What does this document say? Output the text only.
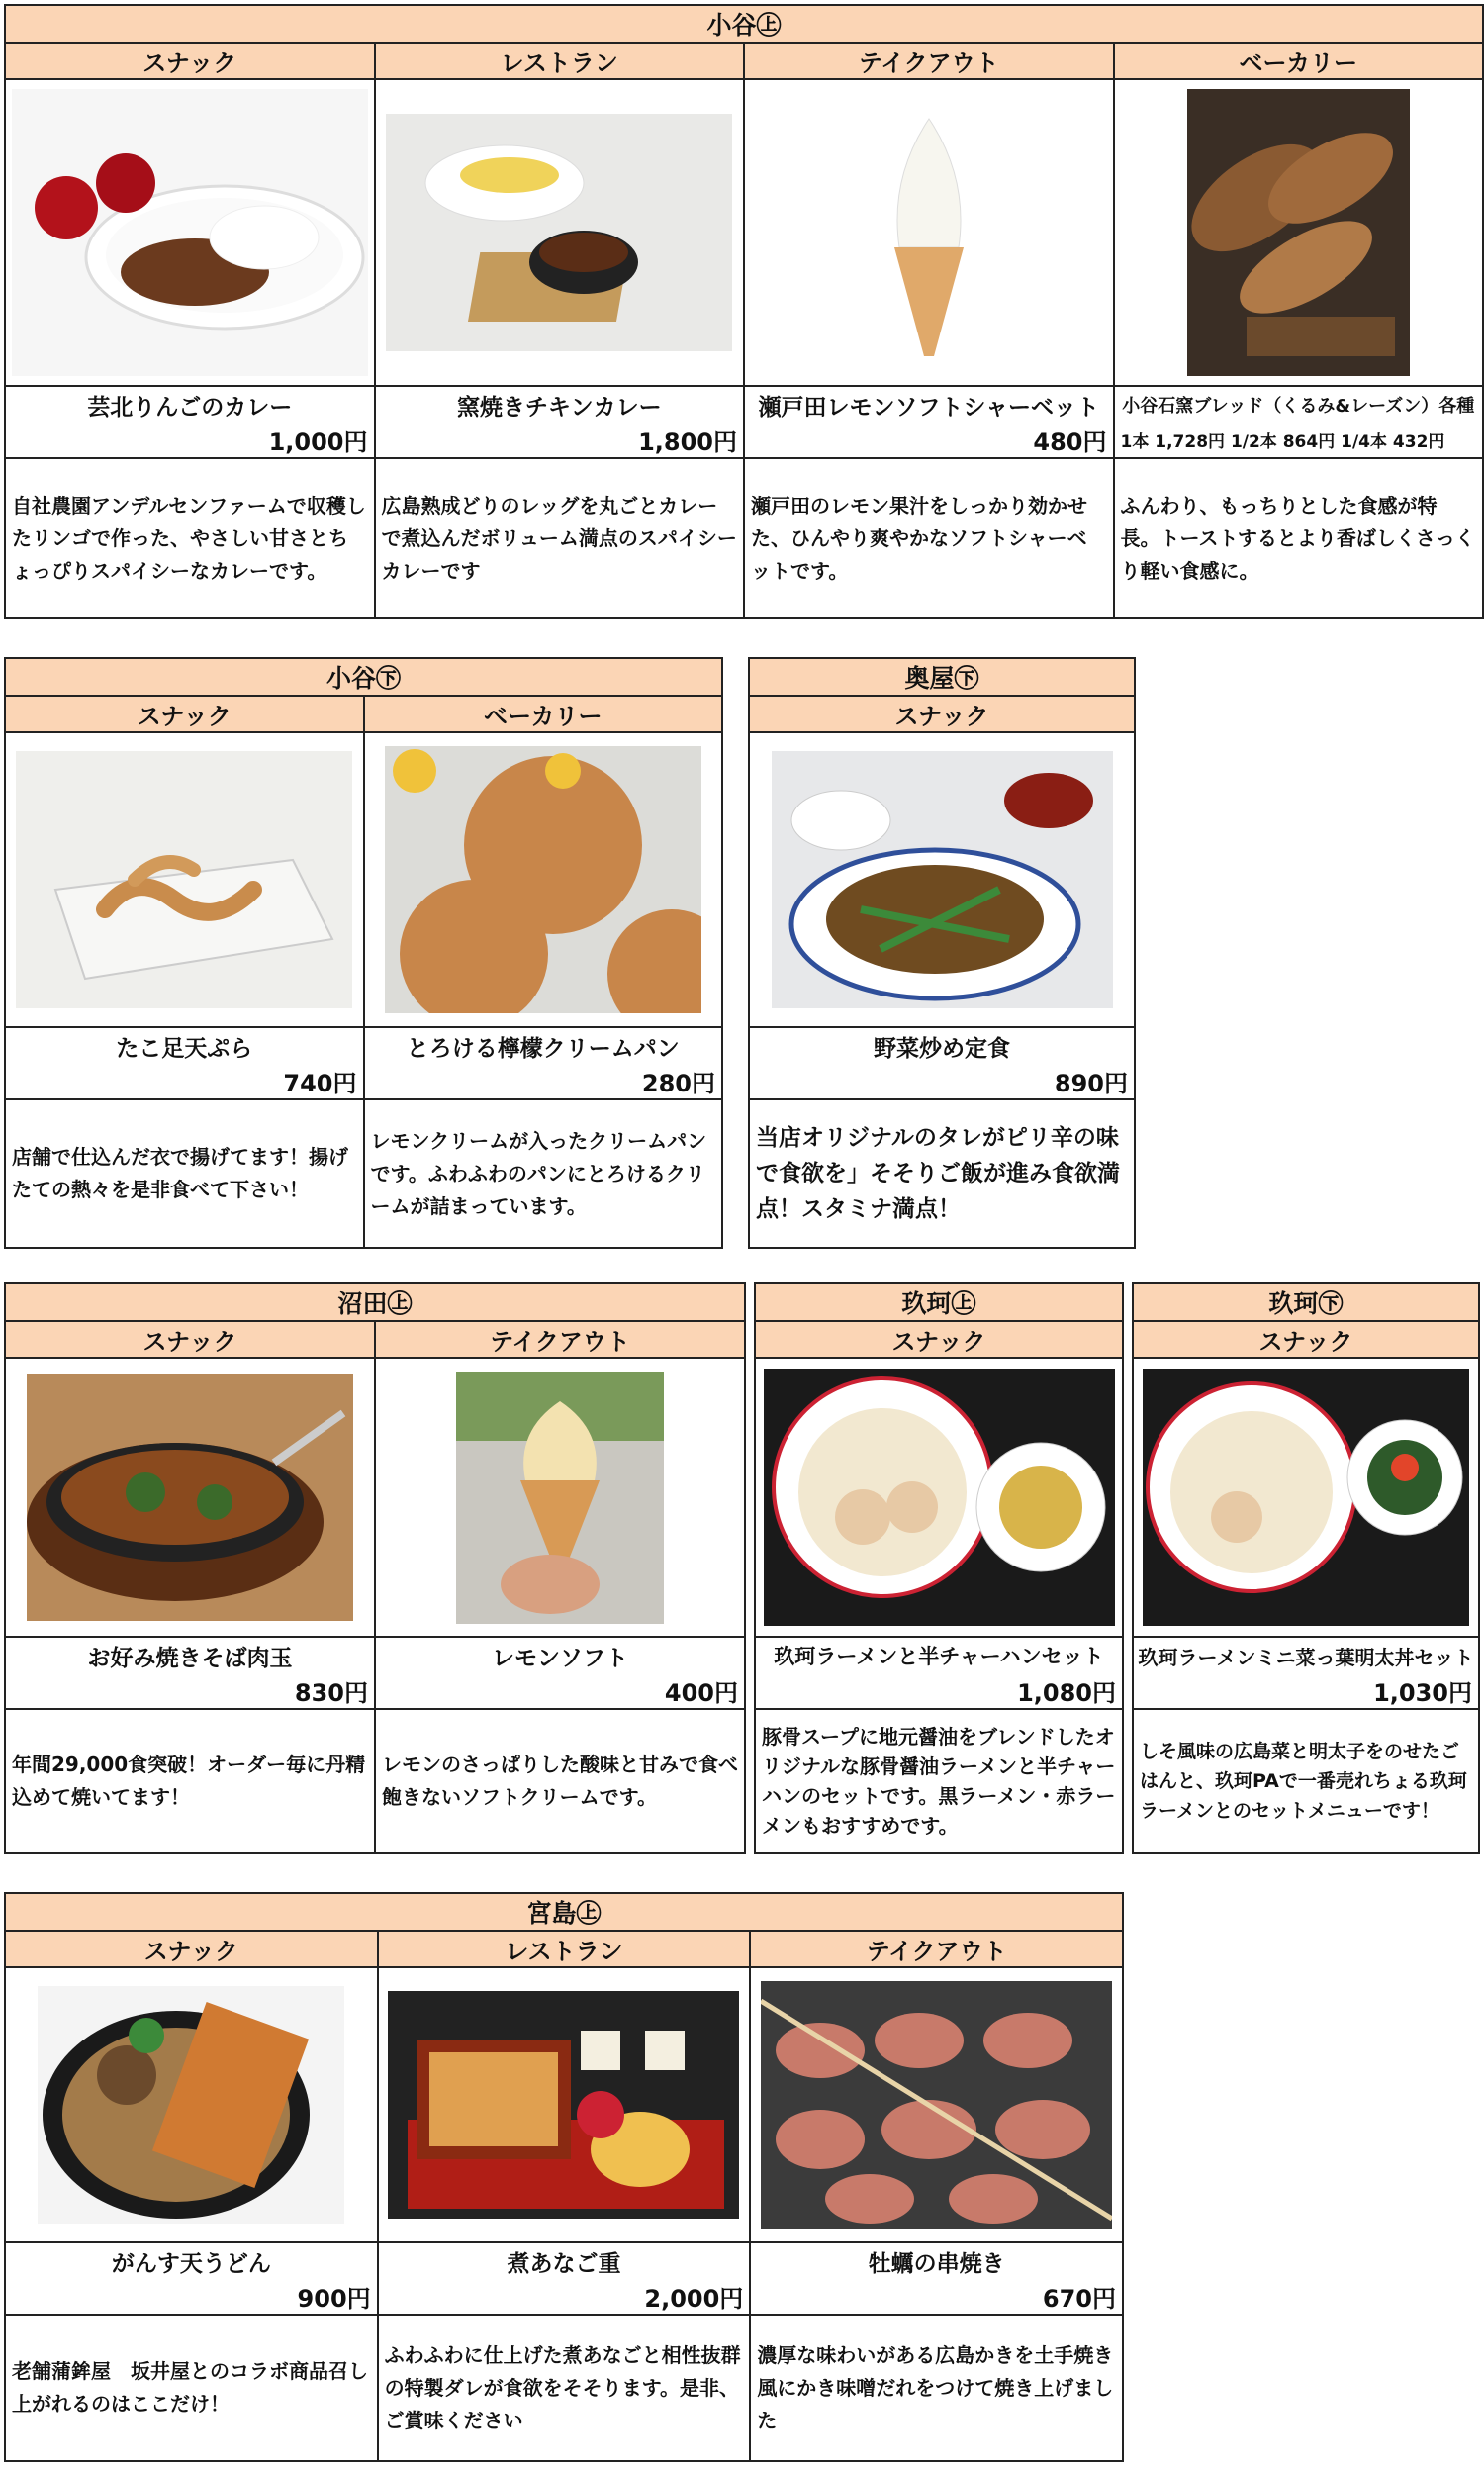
小谷㊤			
スナック	レストラン	テイクアウト	ベーカリー

芸北りんごのカレー	窯焼きチキンカレー	瀬戸田レモンソフトシャーベット	小谷石窯ブレッド（くるみ&レーズン）各種
1,000円	1,800円	480円	1本 1,728円 1/2本 864円 1/4本 432円
自社農園アンデルセンファームで収穫したリンゴで作った、やさしい甘さとちょっぴりスパイシーなカレーです。	広島熟成どりのレッグを丸ごとカレーで煮込んだボリューム満点のスパイシーカレーです	瀬戸田のレモン果汁をしっかり効かせた、ひんやり爽やかなソフトシャーベットです。	ふんわり、もっちりとした食感が特長。トーストするとより香ばしくさっくり軽い食感に。
小谷㊦	
スナック	ベーカリー

たこ足天ぷら	とろける檸檬クリームパン
740円	280円
店舗で仕込んだ衣で揚げてます！揚げたての熱々を是非食べて下さい！	レモンクリームが入ったクリームパンです。ふわふわのパンにとろけるクリームが詰まっています。
奥屋㊦
スナック

野菜炒め定食
890円
当店オリジナルのタレがピリ辛の味で食欲を」そそりご飯が進み食欲満点！スタミナ満点！
沼田㊤	
スナック	テイクアウト

お好み焼きそば肉玉	レモンソフト
830円	400円
年間29,000食突破！オーダー毎に丹精込めて焼いてます！	レモンのさっぱりした酸味と甘みで食べ飽きないソフトクリームです。
玖珂㊤
スナック

玖珂ラーメンと半チャーハンセット
1,080円
豚骨スープに地元醤油をブレンドしたオリジナルな豚骨醤油ラーメンと半チャーハンのセットです。黒ラーメン・赤ラーメンもおすすめです。
玖珂㊦
スナック

玖珂ラーメンミニ菜っ葉明太丼セット
1,030円
しそ風味の広島菜と明太子をのせたごはんと、玖珂PAで一番売れちょる玖珂ラーメンとのセットメニューです！
宮島㊤		
スナック	レストラン	テイクアウト

がんす天うどん	煮あなご重	牡蠣の串焼き
900円	2,000円	670円
老舗蒲鉾屋　坂井屋とのコラボ商品召し上がれるのはここだけ！	ふわふわに仕上げた煮あなごと相性抜群の特製ダレが食欲をそそります。是非、ご賞味ください	濃厚な味わいがある広島かきを土手焼き風にかき味噌だれをつけて焼き上げました
